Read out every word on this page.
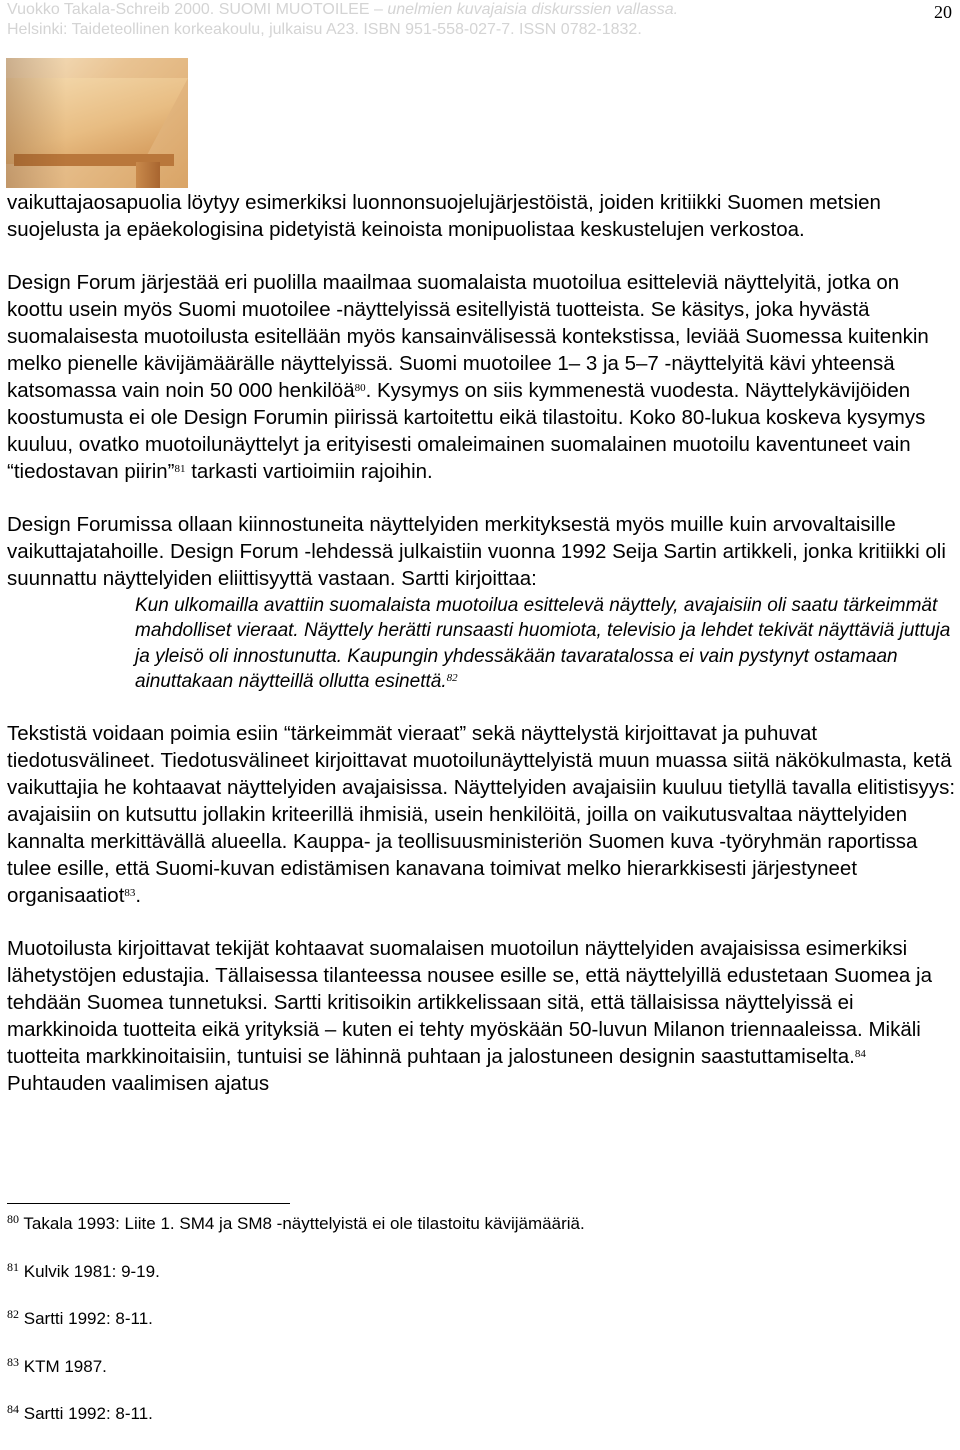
Vuokko Takala-Schreib 2000. SUOMI MUOTOILEE – unelmien kuvajaisia diskurssien vallassa.
Helsinki: Taideteollinen korkeakoulu, julkaisu A23. ISBN 951-558-027-7. ISSN 0782-1832.
20

vaikuttajaosapuolia löytyy esimerkiksi luonnonsuojelujärjestöistä, joiden kritiikki Suomen metsien suojelusta ja epäekologisina pidetyistä keinoista monipuolistaa keskustelujen verkostoa.

Design Forum järjestää eri puolilla maailmaa suomalaista muotoilua esitteleviä näyttelyitä, jotka on koottu usein myös Suomi muotoilee -näyttelyissä esitellyistä tuotteista. Se käsitys, joka hyvästä suomalaisesta muotoilusta esitellään myös kansainvälisessä kontekstissa, leviää Suomessa kuitenkin melko pienelle kävijämäärälle näyttelyissä. Suomi muotoilee 1– 3 ja 5–7 -näyttelyitä kävi yhteensä katsomassa vain noin 50 000 henkilöä$^{80}$. Kysymys on siis kymmenestä vuodesta. Näyttelykävijöiden koostumusta ei ole Design Forumin piirissä kartoitettu eikä tilastoitu. Koko 80-lukua koskeva kysymys kuuluu, ovatko muotoilunäyttelyt ja erityisesti omaleimainen suomalainen muotoilu kaventuneet vain “tiedostavan piirin”$^{81}$ tarkasti vartioimiin rajoihin.

Design Forumissa ollaan kiinnostuneita näyttelyiden merkityksestä myös muille kuin arvovaltaisille vaikuttajatahoille. Design Forum -lehdessä julkaistiin vuonna 1992 Seija Sartin artikkeli, jonka kritiikki oli suunnattu näyttelyiden eliittisyyttä vastaan. Sartti kirjoittaa:

Kun ulkomailla avattiin suomalaista muotoilua esittelevä näyttely, avajaisiin oli saatu tärkeimmät mahdolliset vieraat. Näyttely herätti runsaasti huomiota, televisio ja lehdet tekivät näyttäviä juttuja ja yleisö oli innostunutta. Kaupungin yhdessäkään tavaratalossa ei vain pystynyt ostamaan ainuttakaan näytteillä ollutta esinettä.$^{82}$

Tekstistä voidaan poimia esiin “tärkeimmät vieraat” sekä näyttelystä kirjoittavat ja puhuvat tiedotusvälineet. Tiedotusvälineet kirjoittavat muotoilunäyttelyistä muun muassa siitä näkökulmasta, ketä vaikuttajia he kohtaavat näyttelyiden avajaisissa. Näyttelyiden avajaisiin kuuluu tietyllä tavalla elitistisyys: avajaisiin on kutsuttu jollakin kriteerillä ihmisiä, usein henkilöitä, joilla on vaikutusvaltaa näyttelyiden kannalta merkittävällä alueella. Kauppa- ja teollisuusministeriön Suomen kuva -työryhmän raportissa tulee esille, että Suomi-kuvan edistämisen kanavana toimivat melko hierarkkisesti järjestyneet organisaatiot$^{83}$.

Muotoilusta kirjoittavat tekijät kohtaavat suomalaisen muotoilun näyttelyiden avajaisissa esimerkiksi lähetystöjen edustajia. Tällaisessa tilanteessa nousee esille se, että näyttelyillä edustetaan Suomea ja tehdään Suomea tunnetuksi. Sartti kritisoikin artikkelissaan sitä, että tällaisissa näyttelyissä ei markkinoida tuotteita eikä yrityksiä – kuten ei tehty myöskään 50-luvun Milanon triennaaleissa. Mikäli tuotteita markkinoitaisiin, tuntuisi se lähinnä puhtaan ja jalostuneen designin saastuttamiselta.$^{84}$ Puhtauden vaalimisen ajatus

$^{80}$ Takala 1993: Liite 1. SM4 ja SM8 -näyttelyistä ei ole tilastoitu kävijämääriä.
$^{81}$ Kulvik 1981: 9-19.
$^{82}$ Sartti 1992: 8-11.
$^{83}$ KTM 1987.
$^{84}$ Sartti 1992: 8-11.
